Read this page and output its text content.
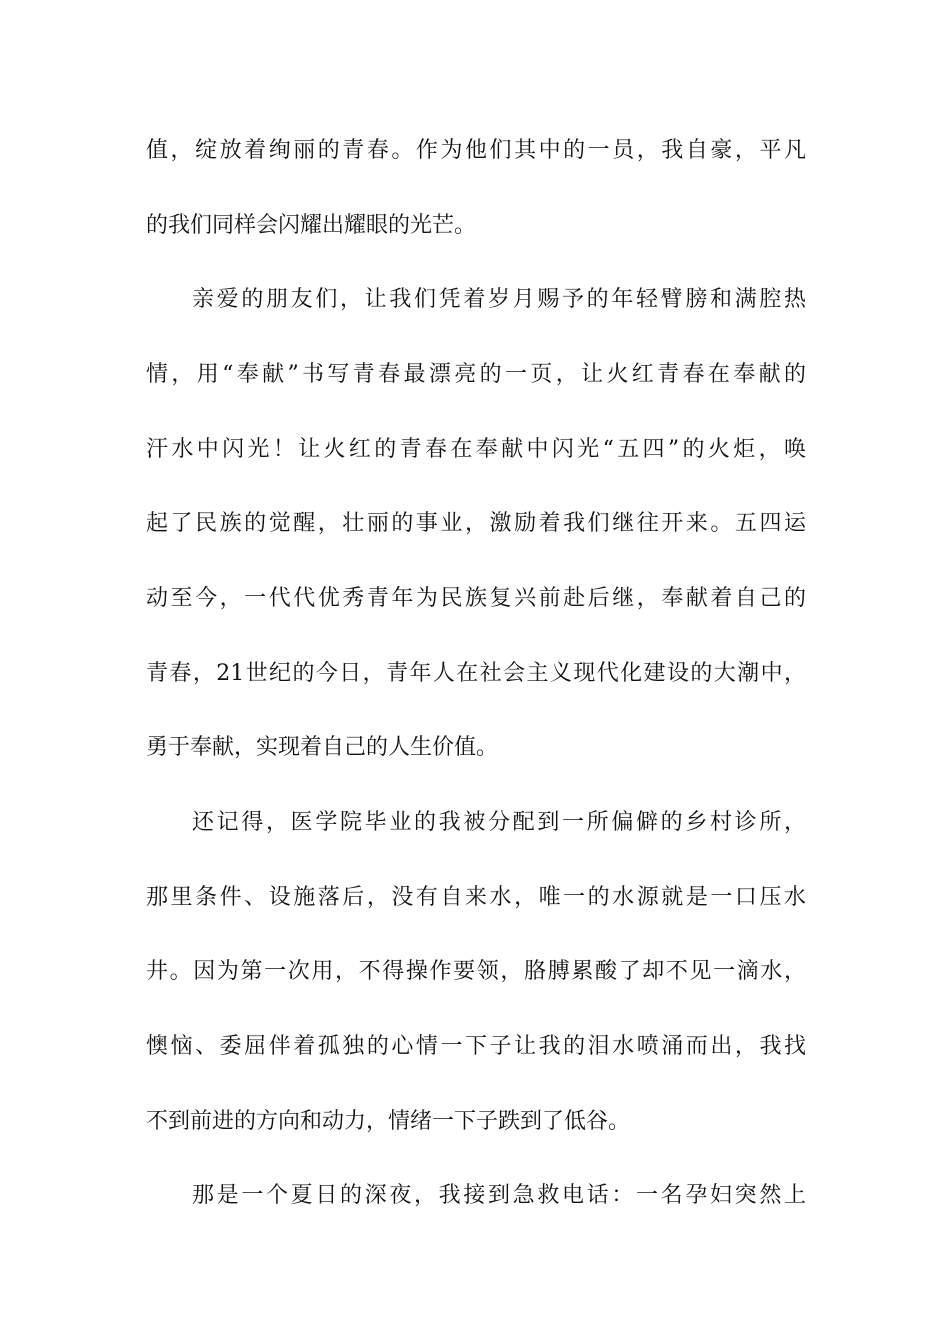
值，绽放着绚丽的青春。作为他们其中的一员，我自豪，平凡
的我们同样会闪耀出耀眼的光芒。
亲爱的朋友们，让我们凭着岁月赐予的年轻臂膀和满腔热
情，用“奉献”书写青春最漂亮的一页，让火红青春在奉献的
汗水中闪光！让火红的青春在奉献中闪光“五四”的火炬，唤
起了民族的觉醒，壮丽的事业，激励着我们继往开来。五四运
动至今，一代代优秀青年为民族复兴前赴后继，奉献着自己的
青春，21世纪的今日，青年人在社会主义现代化建设的大潮中，
勇于奉献，实现着自己的人生价值。
还记得，医学院毕业的我被分配到一所偏僻的乡村诊所，
那里条件、设施落后，没有自来水，唯一的水源就是一口压水
井。因为第一次用，不得操作要领，胳膊累酸了却不见一滴水，
懊恼、委屈伴着孤独的心情一下子让我的泪水喷涌而出，我找
不到前进的方向和动力，情绪一下子跌到了低谷。
那是一个夏日的深夜，我接到急救电话：一名孕妇突然上
